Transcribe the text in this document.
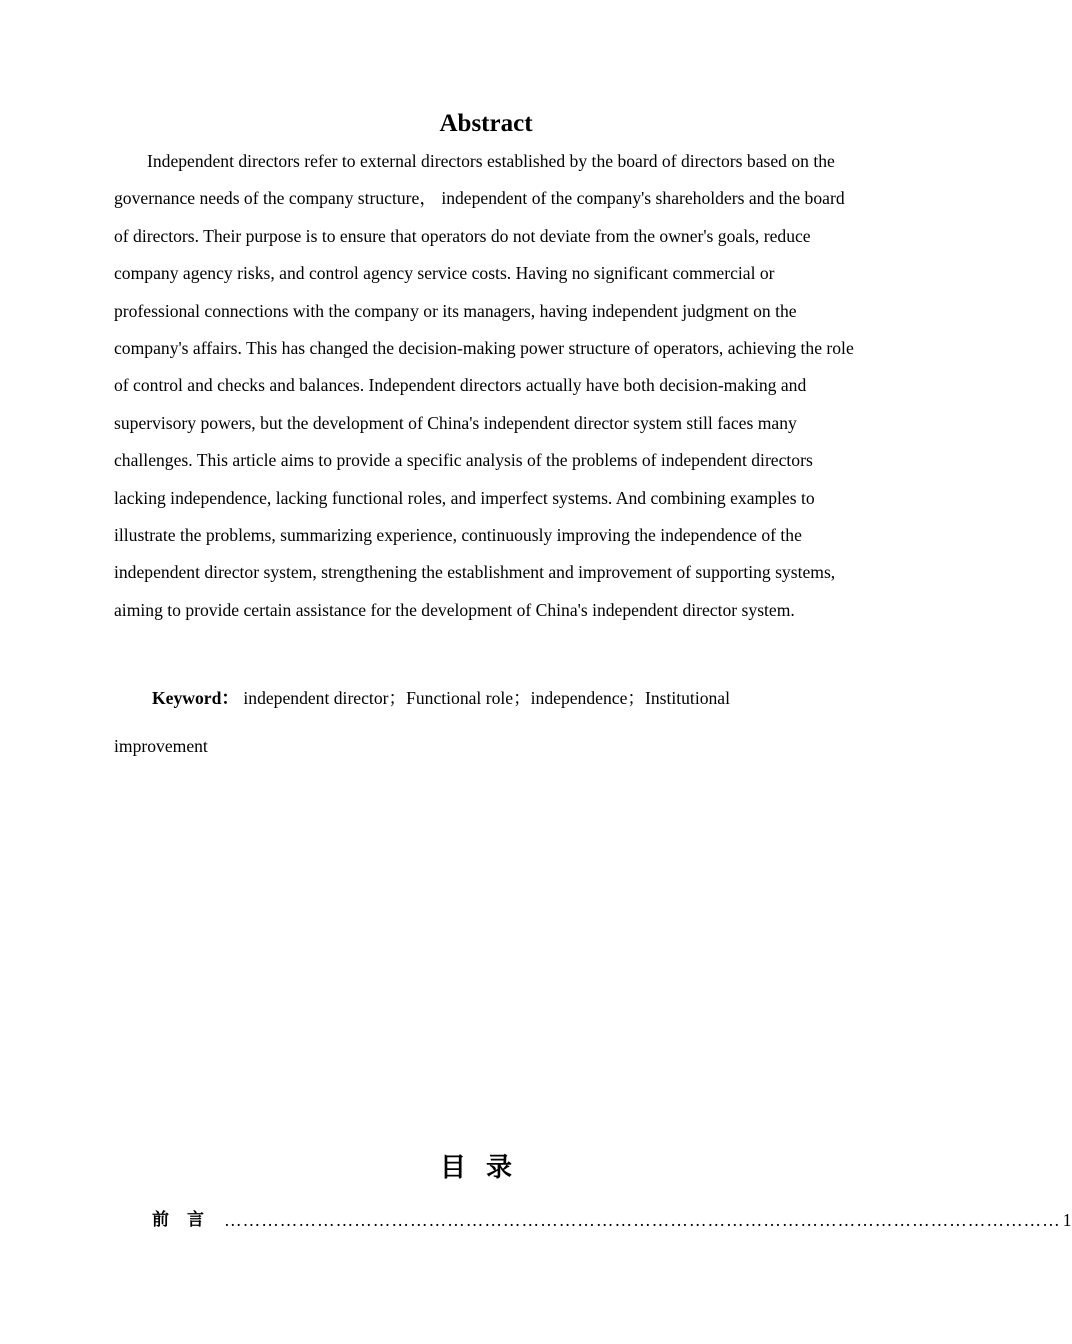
Abstract
Independent directors refer to external directors established by the board of directors based on the governance needs of the company structure， independent of the company's shareholders and the board of directors. Their purpose is to ensure that operators do not deviate from the owner's goals, reduce company agency risks, and control agency service costs. Having no significant commercial or professional connections with the company or its managers, having independent judgment on the company's affairs. This has changed the decision-making power structure of operators, achieving the role of control and checks and balances. Independent directors actually have both decision-making and supervisory powers, but the development of China's independent director system still faces many challenges. This article aims to provide a specific analysis of the problems of independent directors lacking independence, lacking functional roles, and imperfect systems. And combining examples to illustrate the problems, summarizing experience, continuously improving the independence of the independent director system, strengthening the establishment and improvement of supporting systems, aiming to provide certain assistance for the development of China's independent director system.
Keyword： independent director；Functional role；independence；Institutional
improvement
目录
前言 ……………………………………………………………………………………………………………………… 1
